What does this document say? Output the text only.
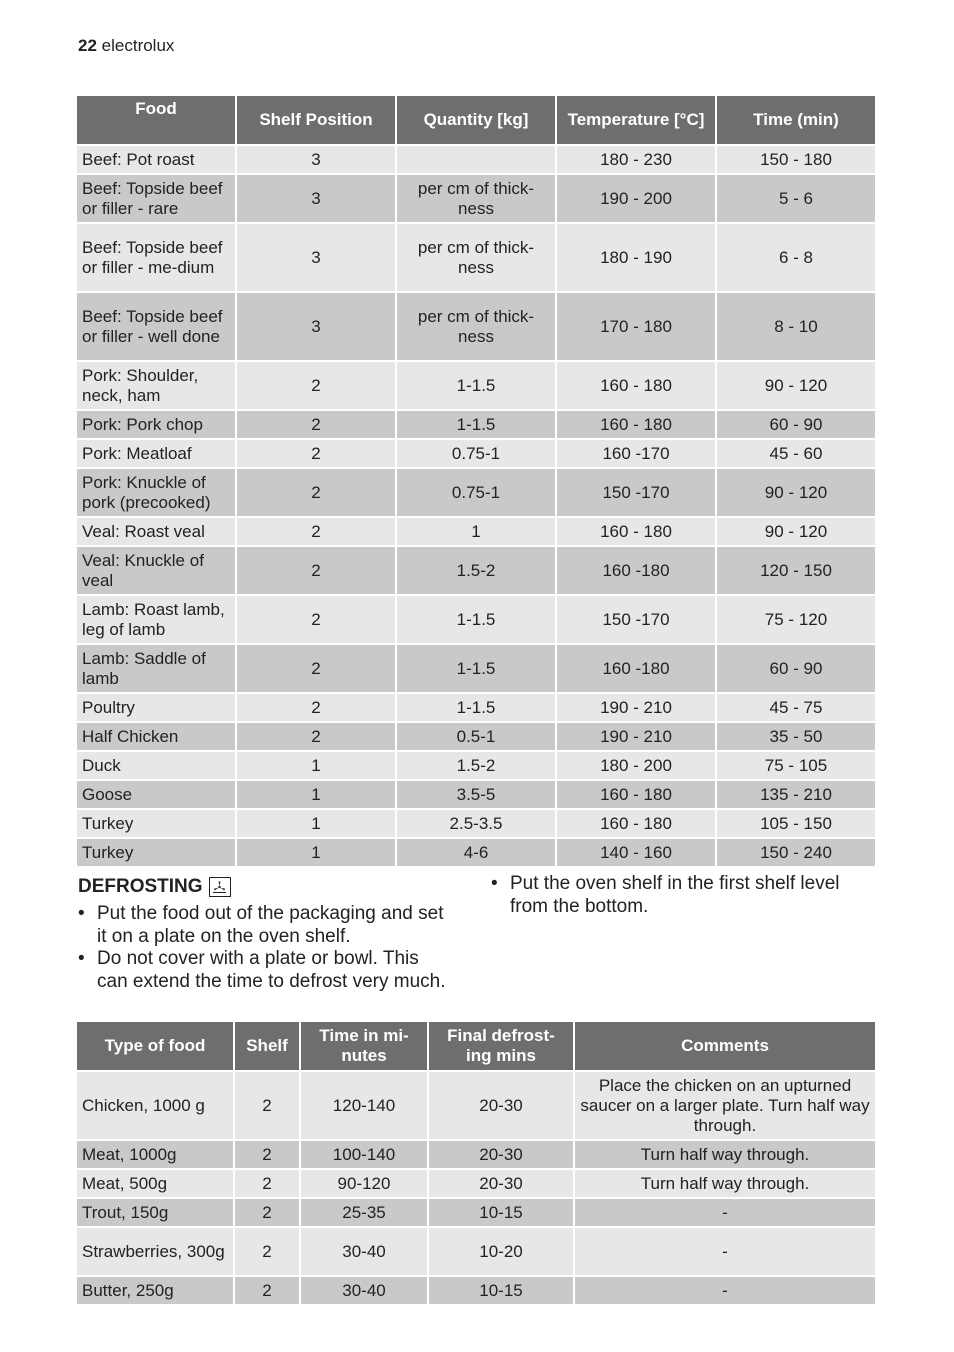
22 electrolux
Food	Shelf Position	Quantity [kg]	Temperature [°C]	Time (min)
Beef: Pot roast	3		180 - 230	150 - 180
Beef: Topside beef or filler - rare	3	per cm of thick-ness	190 - 200	5 - 6
Beef: Topside beef or filler - me-dium	3	per cm of thick-ness	180 - 190	6 - 8
Beef: Topside beef or filler - well done	3	per cm of thick-ness	170 - 180	8 - 10
Pork: Shoulder, neck, ham	2	1-1.5	160 - 180	90 - 120
Pork: Pork chop	2	1-1.5	160 - 180	60 - 90
Pork: Meatloaf	2	0.75-1	160 -170	45 - 60
Pork: Knuckle of pork (precooked)	2	0.75-1	150 -170	90 - 120
Veal: Roast veal	2	1	160 - 180	90 - 120
Veal: Knuckle of veal	2	1.5-2	160 -180	120 - 150
Lamb: Roast lamb, leg of lamb	2	1-1.5	150 -170	75 - 120
Lamb: Saddle of lamb	2	1-1.5	160 -180	60 - 90
Poultry	2	1-1.5	190 - 210	45 - 75
Half Chicken	2	0.5-1	190 - 210	35 - 50
Duck	1	1.5-2	180 - 200	75 - 105
Goose	1	3.5-5	160 - 180	135 - 210
Turkey	1	2.5-3.5	160 - 180	105 - 150
Turkey	1	4-6	140 - 160	150 - 240
DEFROSTING
• Put the food out of the packaging and set it on a plate on the oven shelf.
• Do not cover with a plate or bowl. This can extend the time to defrost very much.
• Put the oven shelf in the first shelf level from the bottom.
Type of food	Shelf	Time in mi-nutes	Final defrost-ing mins	Comments
Chicken, 1000 g	2	120-140	20-30	Place the chicken on an upturned saucer on a larger plate. Turn half way through.
Meat, 1000g	2	100-140	20-30	Turn half way through.
Meat, 500g	2	90-120	20-30	Turn half way through.
Trout, 150g	2	25-35	10-15	-
Strawberries, 300g	2	30-40	10-20	-
Butter, 250g	2	30-40	10-15	-
